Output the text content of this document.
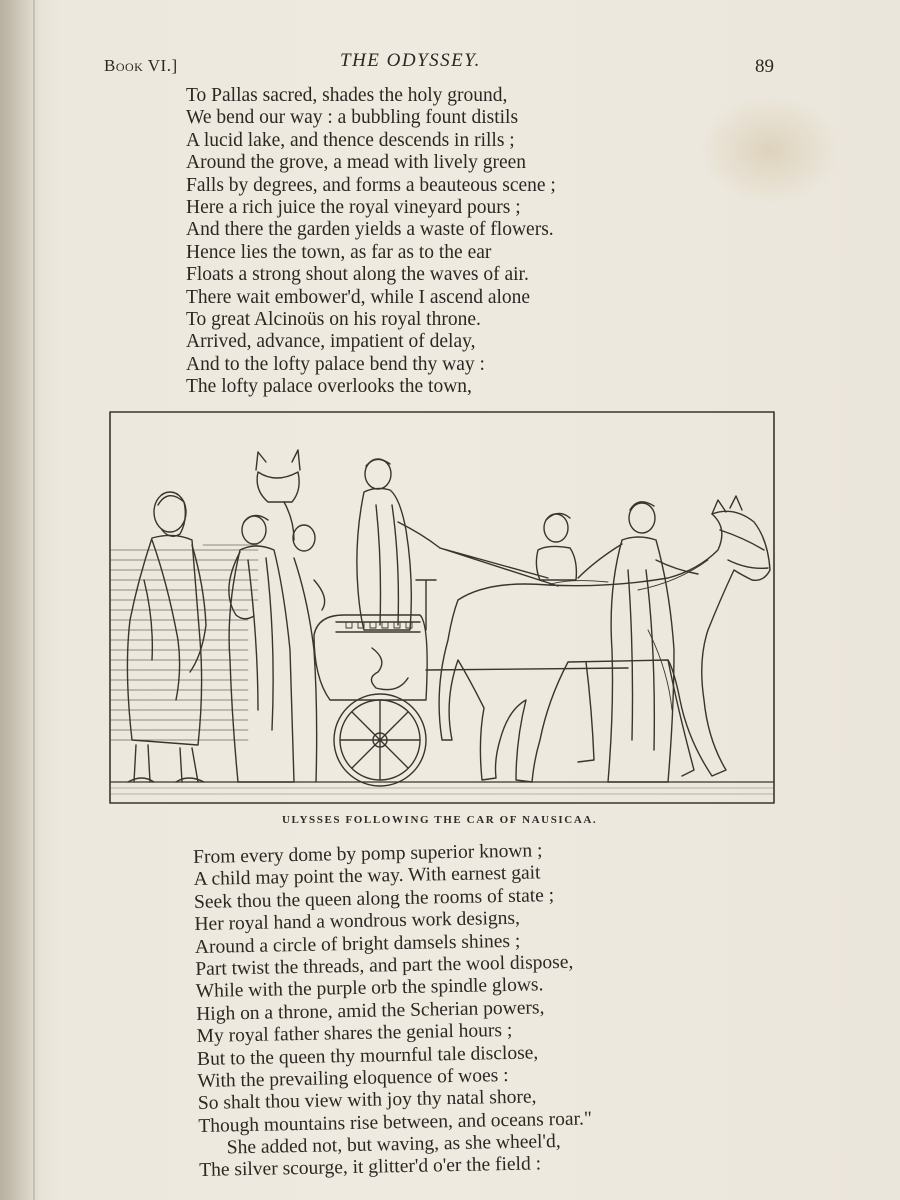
Book VI.]	THE ODYSSEY.	89
To Pallas sacred, shades the holy ground,
We bend our way : a bubbling fount distils
A lucid lake, and thence descends in rills ;
Around the grove, a mead with lively green
Falls by degrees, and forms a beauteous scene ;
Here a rich juice the royal vineyard pours ;
And there the garden yields a waste of flowers.
Hence lies the town, as far as to the ear
Floats a strong shout along the waves of air.
There wait embower'd, while I ascend alone
To great Alcinoüs on his royal throne.
Arrived, advance, impatient of delay,
And to the lofty palace bend thy way :
The lofty palace overlooks the town,
ULYSSES FOLLOWING THE CAR OF NAUSICAA.
From every dome by pomp superior known ;
A child may point the way. With earnest gait
Seek thou the queen along the rooms of state ;
Her royal hand a wondrous work designs,
Around a circle of bright damsels shines ;
Part twist the threads, and part the wool dispose,
While with the purple orb the spindle glows.
High on a throne, amid the Scherian powers,
My royal father shares the genial hours ;
But to the queen thy mournful tale disclose,
With the prevailing eloquence of woes :
So shalt thou view with joy thy natal shore,
Though mountains rise between, and oceans roar."
She added not, but waving, as she wheel'd,
The silver scourge, it glitter'd o'er the field :
